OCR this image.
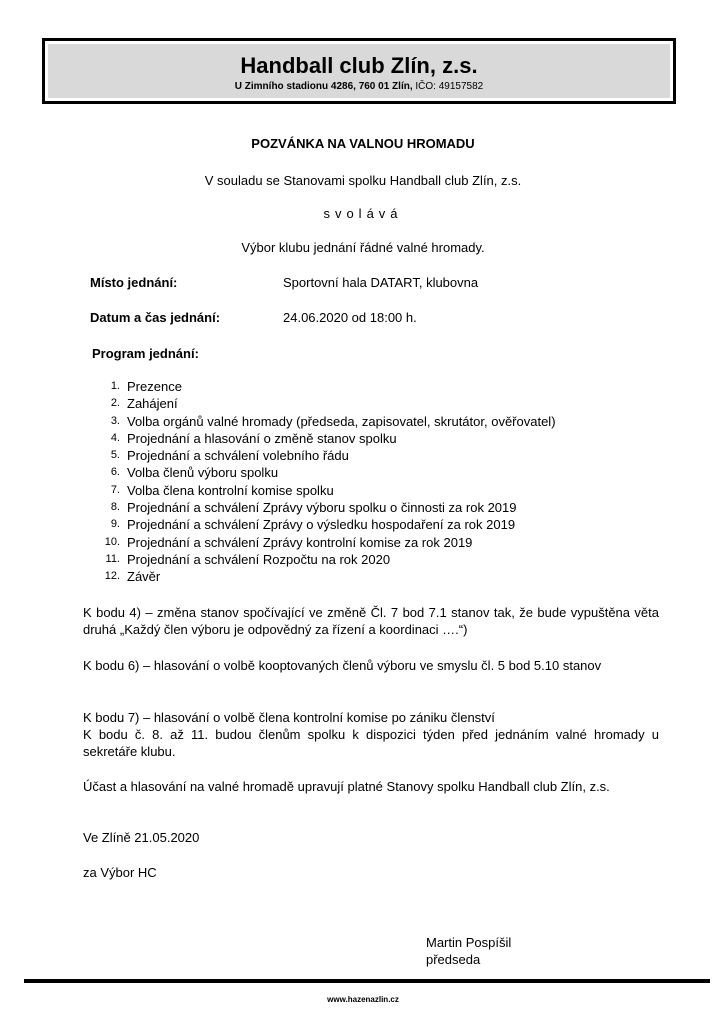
Handball club Zlín, z.s.
U Zimního stadionu 4286, 760 01 Zlín, IČO: 49157582
POZVÁNKA NA VALNOU HROMADU
V souladu se Stanovami spolku Handball club Zlín, z.s.
svolává
Výbor klubu jednání řádné valné hromady.
Místo jednání:	Sportovní hala DATART, klubovna
Datum a čas jednání:	24.06.2020 od 18:00 h.
Program jednání:
1. Prezence
2. Zahájení
3. Volba orgánů valné hromady (předseda, zapisovatel, skrutátor, ověřovatel)
4. Projednání a hlasování o změně stanov spolku
5. Projednání a schválení volebního řádu
6. Volba členů výboru spolku
7. Volba člena kontrolní komise spolku
8. Projednání a schválení Zprávy výboru spolku o činnosti za rok 2019
9. Projednání a schválení Zprávy o výsledku hospodaření za rok 2019
10. Projednání a schválení Zprávy kontrolní komise za rok 2019
11. Projednání a schválení Rozpočtu na rok 2020
12. Závěr
K bodu 4) – změna stanov spočívající ve změně Čl. 7 bod 7.1 stanov tak, že bude vypuštěna věta druhá „Každý člen výboru je odpovědný za řízení a koordinaci ….“)
K bodu 6) – hlasování o volbě kooptovaných členů výboru ve smyslu čl. 5 bod 5.10 stanov
K bodu 7) – hlasování o volbě člena kontrolní komise po zániku členství
K bodu č. 8. až 11. budou členům spolku k dispozici týden před jednáním valné hromady u sekretáře klubu.
Účast a hlasování na valné hromadě upravují platné Stanovy spolku Handball club Zlín, z.s.
Ve Zlíně 21.05.2020
za Výbor HC
Martin Pospíšil
předseda
www.hazenazlin.cz
